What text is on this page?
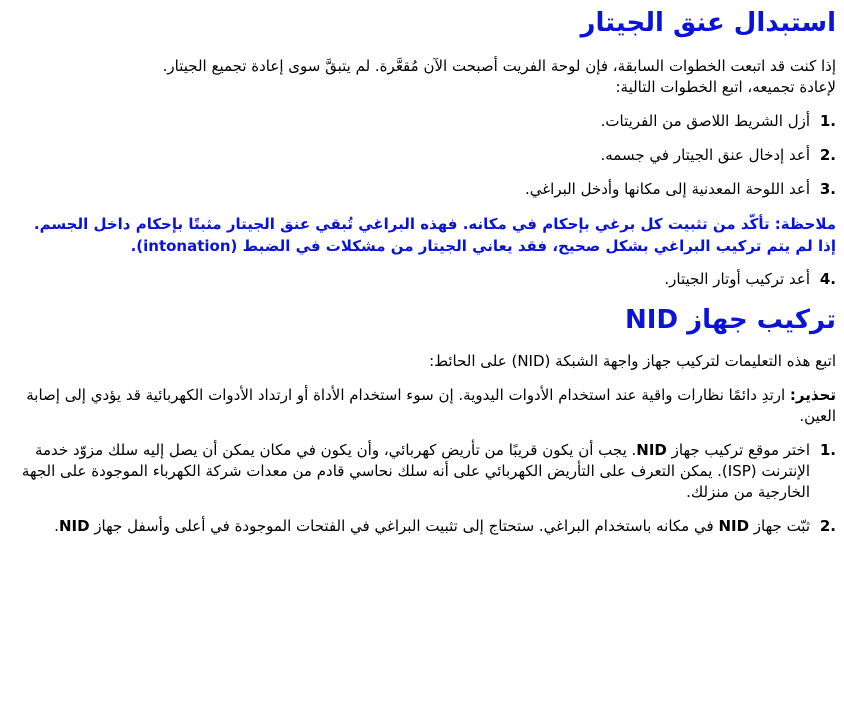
استبدال عنق الجيتار

إذا كنت قد اتبعت الخطوات السابقة، فإن لوحة الفريت أصبحت الآن مُقعَّرة. لم يتبقَّ سوى إعادة تجميع الجيتار.
لإعادة تجميعه، اتبع الخطوات التالية:

1.
أزل الشريط اللاصق من الفريتات.
2.
أعد إدخال عنق الجيتار في جسمه.
3.
أعد اللوحة المعدنية إلى مكانها وأدخل البراغي.
ملاحظة: تأكّد من تثبيت كل برغي بإحكام في مكانه. فهذه البراغي تُبقي عنق الجيتار مثبتًا بإحكام داخل الجسم.
إذا لم يتم تركيب البراغي بشكل صحيح، فقد يعاني الجيتار من مشكلات في الضبط (intonation).
4.
أعد تركيب أوتار الجيتار.
تركيب جهاز NID

اتبع هذه التعليمات لتركيب جهاز واجهة الشبكة (NID) على الحائط:

تحذير: ارتدِ دائمًا نظارات واقية عند استخدام الأدوات اليدوية. إن سوء استخدام الأداة أو ارتداد الأدوات الكهربائية قد يؤدي إلى إصابة العين.

1.
اختر موقع تركيب جهاز NID. يجب أن يكون قريبًا من تأريض كهربائي، وأن يكون في مكان يمكن أن يصل إليه سلك مزوّد خدمة الإنترنت (ISP). يمكن التعرف على التأريض الكهربائي على أنه سلك نحاسي قادم من معدات شركة الكهرباء الموجودة على الجهة الخارجية من منزلك.
2.
ثبّت جهاز NID في مكانه باستخدام البراغي. ستحتاج إلى تثبيت البراغي في الفتحات الموجودة في أعلى وأسفل جهاز NID.
